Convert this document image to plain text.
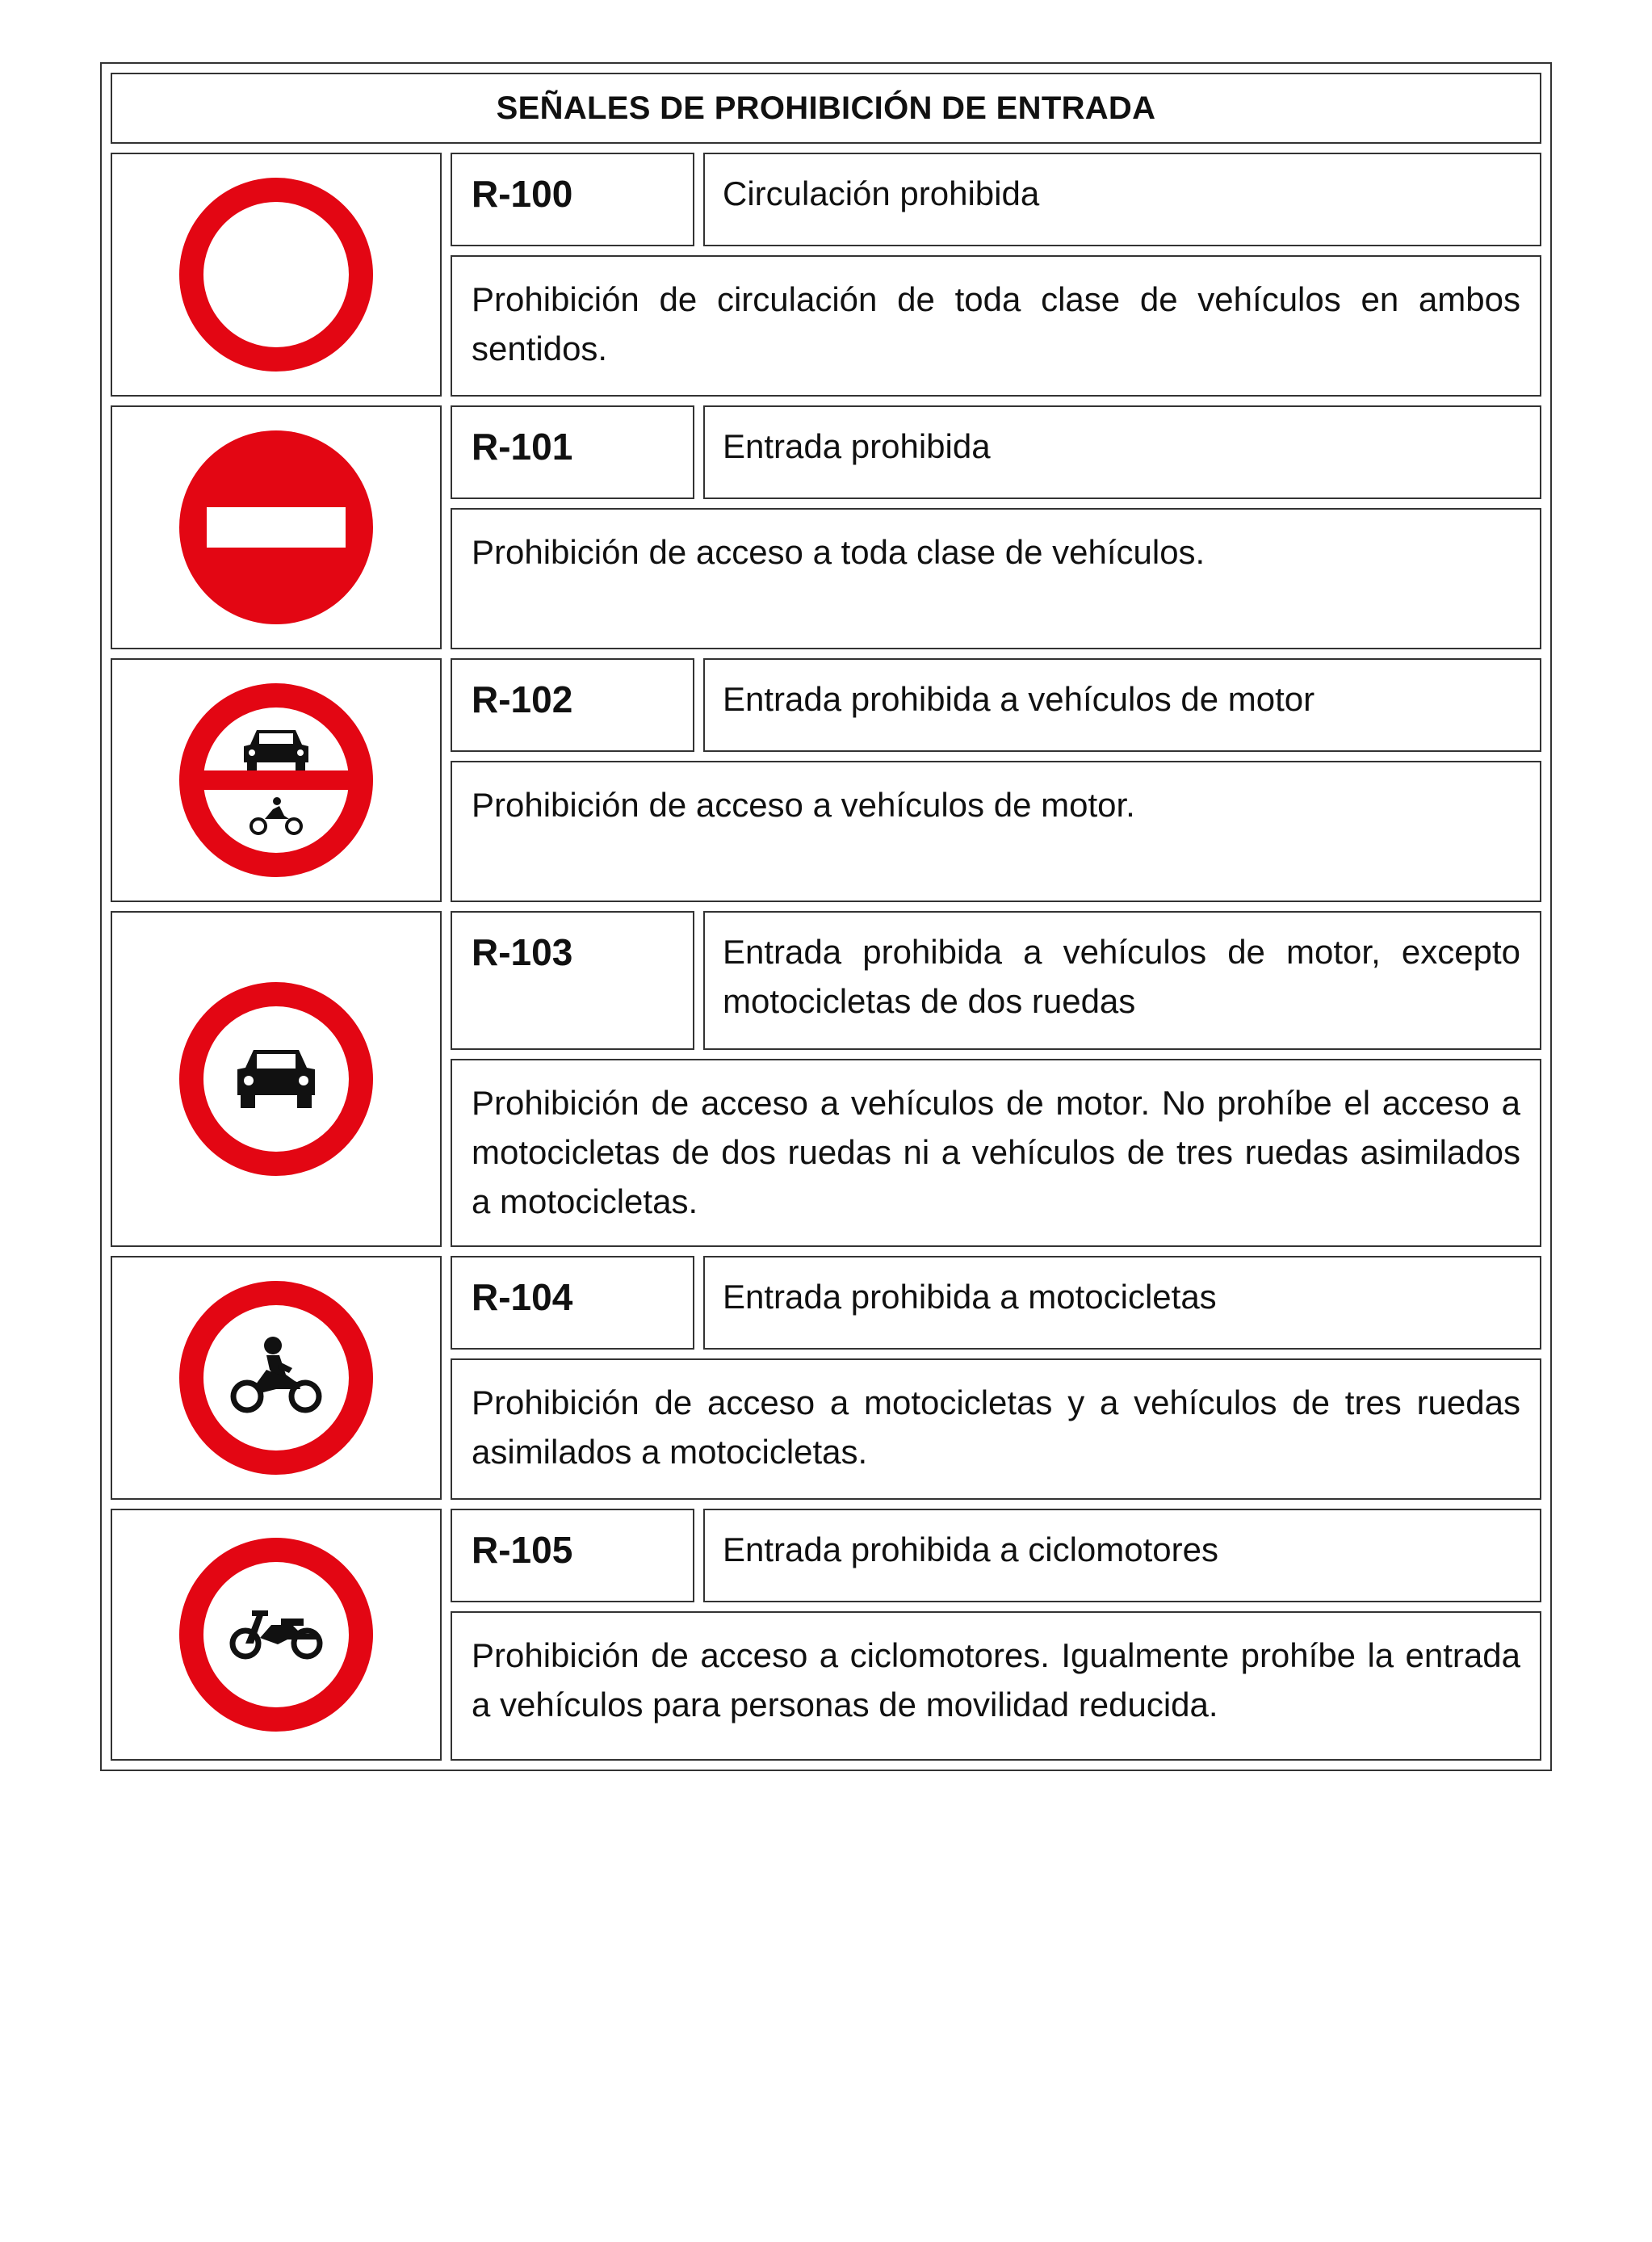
SEÑALES DE PROHIBICIÓN DE ENTRADA
R-100	Circulación prohibida
Prohibición de circulación de toda clase de vehículos en ambos sentidos.
R-101	Entrada prohibida
Prohibición de acceso a toda clase de vehículos.
R-102	Entrada prohibida a vehículos de motor
Prohibición de acceso a vehículos de motor.
R-103	Entrada prohibida a vehículos de motor, excepto motocicletas de dos ruedas
Prohibición de acceso a vehículos de motor. No prohíbe el acceso a motocicletas de dos ruedas ni a vehículos de tres ruedas asimilados a motocicletas.
R-104	Entrada prohibida a motocicletas
Prohibición de acceso a motocicletas y a vehículos de tres ruedas asimilados a motocicletas.
R-105	Entrada prohibida a ciclomotores
Prohibición de acceso a ciclomotores. Igualmente prohíbe la entrada a vehículos para personas de movilidad reducida.
